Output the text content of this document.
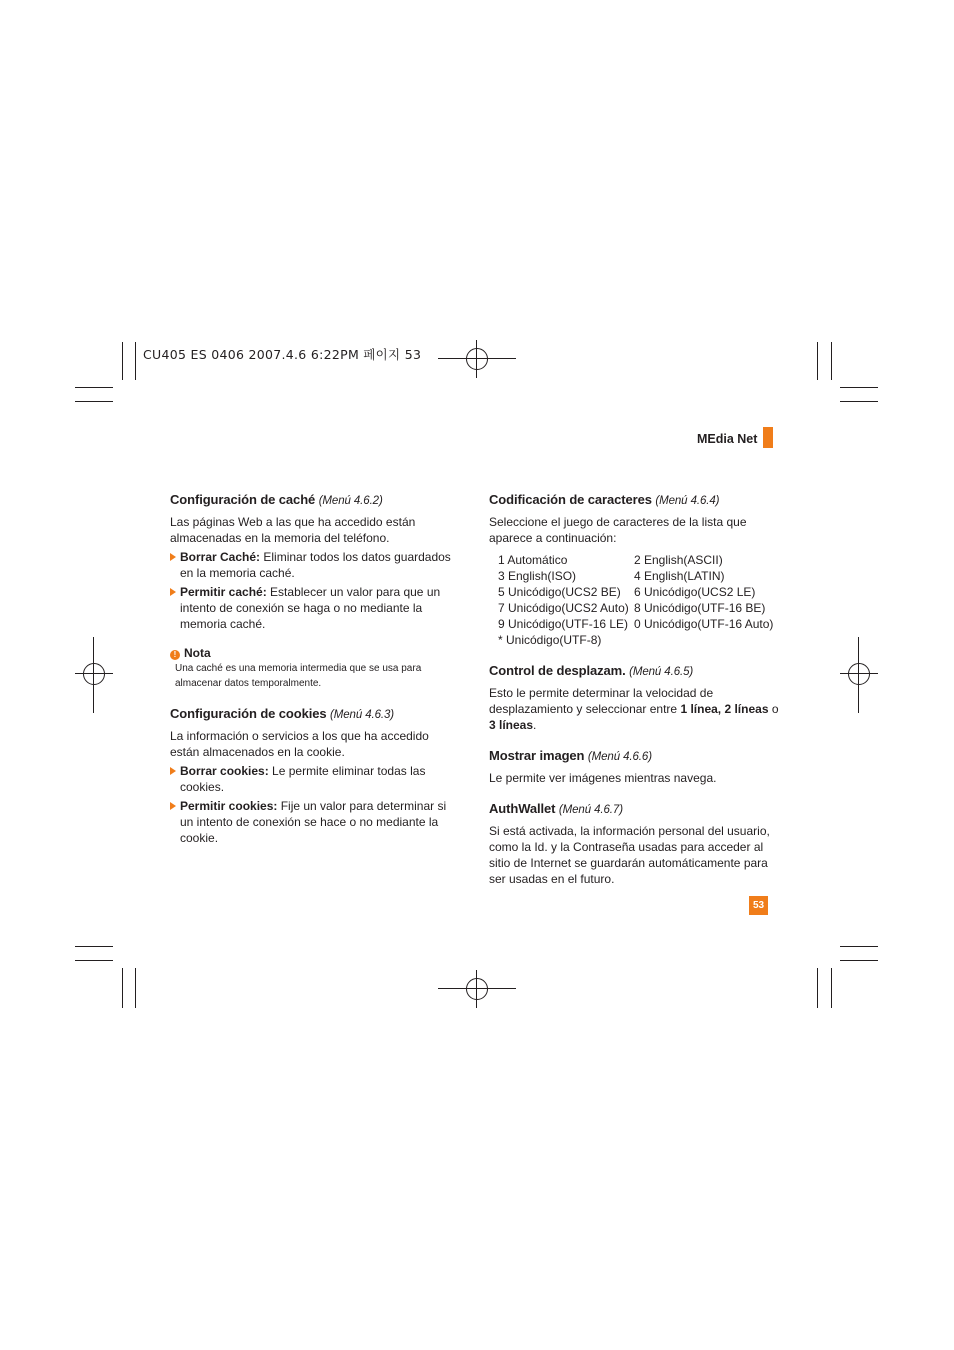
CU405 ES 0406 2007.4.6 6:22PM 페이지 53
MEdia Net
Configuración de caché (Menú 4.6.2)

Las páginas Web a las que ha accedido están almacenadas en la memoria del teléfono.

Borrar Caché: Eliminar todos los datos guardados en la memoria caché.
Permitir caché: Establecer un valor para que un intento de conexión se haga o no mediante la memoria caché.
! Nota

Una caché es una memoria intermedia que se usa para almacenar datos temporalmente.

Configuración de cookies (Menú 4.6.3)

La información o servicios a los que ha accedido están almacenados en la cookie.

Borrar cookies: Le permite eliminar todas las cookies.
Permitir cookies: Fije un valor para determinar si un intento de conexión se hace o no mediante la cookie.
Codificación de caracteres (Menú 4.6.4)

Seleccione el juego de caracteres de la lista que aparece a continuación:

1 Automático	2 English(ASCII)
3 English(ISO)	4 English(LATIN)
5 Unicódigo(UCS2 BE)	6 Unicódigo(UCS2 LE)
7 Unicódigo(UCS2 Auto) 8 Unicódigo(UTF-16 BE)
9 Unicódigo(UTF-16 LE) 0 Unicódigo(UTF-16 Auto)
* Unicódigo(UTF-8)
Control de desplazam. (Menú 4.6.5)

Esto le permite determinar la velocidad de desplazamiento y seleccionar entre 1 línea, 2 líneas o 3 líneas.

Mostrar imagen (Menú 4.6.6)

Le permite ver imágenes mientras navega.

AuthWallet (Menú 4.6.7)

Si está activada, la información personal del usuario, como la Id. y la Contraseña usadas para acceder al sitio de Internet se guardarán automáticamente para ser usadas en el futuro.

53
